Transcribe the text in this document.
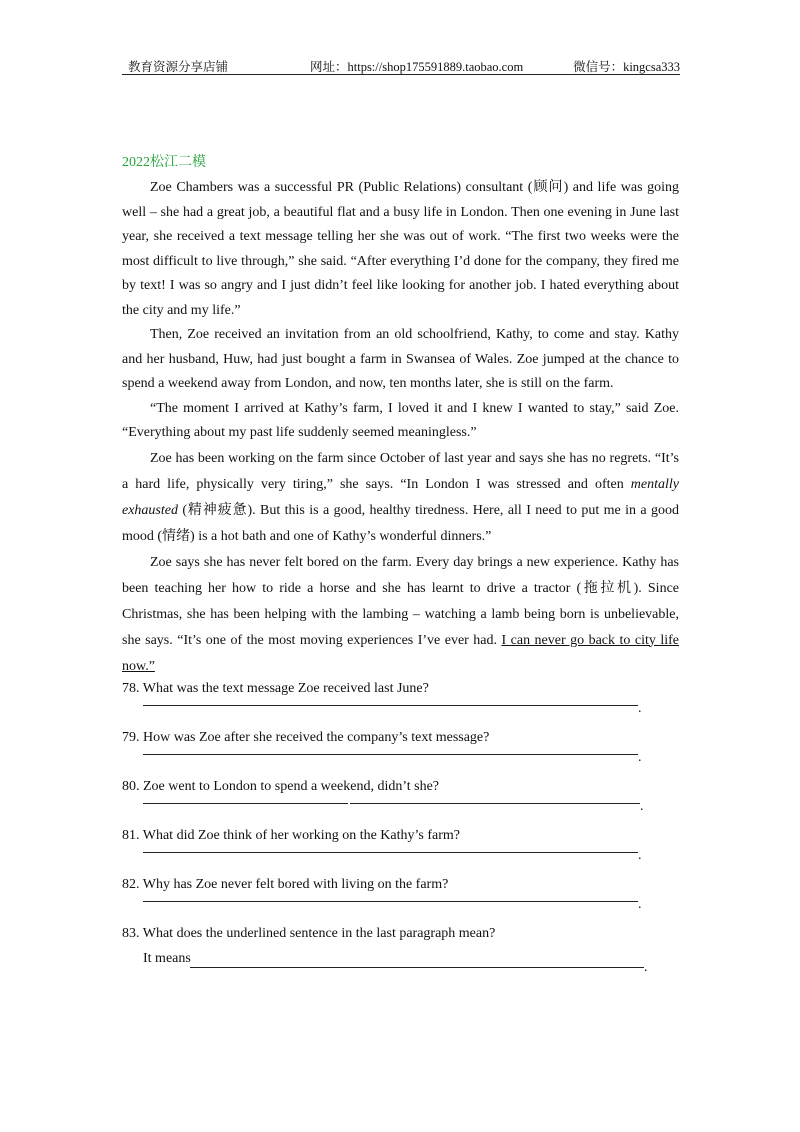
教育资源分享店铺	网址：https://shop175591889.taobao.com	微信号：kingcsa333
2022松江二模

Zoe Chambers was a successful PR (Public Relations) consultant (顾问) and life was going well – she had a great job, a beautiful flat and a busy life in London. Then one evening in June last year, she received a text message telling her she was out of work. “The first two weeks were the most difficult to live through,” she said. “After everything I’d done for the company, they fired me by text! I was so angry and I just didn’t feel like looking for another job. I hated everything about the city and my life.”

Then, Zoe received an invitation from an old schoolfriend, Kathy, to come and stay. Kathy and her husband, Huw, had just bought a farm in Swansea of Wales. Zoe jumped at the chance to spend a weekend away from London, and now, ten months later, she is still on the farm.

“The moment I arrived at Kathy’s farm, I loved it and I knew I wanted to stay,” said Zoe. “Everything about my past life suddenly seemed meaningless.”

Zoe has been working on the farm since October of last year and says she has no regrets. “It’s a hard life, physically very tiring,” she says. “In London I was stressed and often mentally exhausted (精神疲惫). But this is a good, healthy tiredness. Here, all I need to put me in a good mood (情绪) is a hot bath and one of Kathy’s wonderful dinners.”

Zoe says she has never felt bored on the farm. Every day brings a new experience. Kathy has been teaching her how to ride a horse and she has learnt to drive a tractor (拖拉机). Since Christmas, she has been helping with the lambing – watching a lamb being born is unbelievable, she says. “It’s one of the most moving experiences I’ve ever had. I can never go back to city life now.”

78. What was the text message Zoe received last June?
.
79. How was Zoe after she received the company’s text message?
.
80. Zoe went to London to spend a weekend, didn’t she?
.
81. What did Zoe think of her working on the Kathy’s farm?
.
82. Why has Zoe never felt bored with living on the farm?
.
83. What does the underlined sentence in the last paragraph mean?
It means
.
